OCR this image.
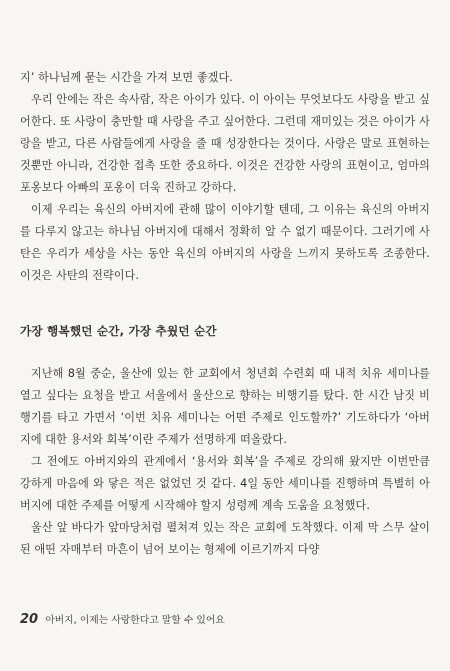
지’ 하나님께 묻는 시간을 가져 보면 좋겠다.

우리 안에는 작은 속사람, 작은 아이가 있다. 이 아이는 무엇보다도 사랑을 받고 싶어한다. 또 사랑이 충만할 때 사랑을 주고 싶어한다. 그런데 재미있는 것은 아이가 사랑을 받고, 다른 사람들에게 사랑을 줄 때 성장한다는 것이다. 사랑은 말로 표현하는 것뿐만 아니라, 건강한 접촉 또한 중요하다. 이것은 건강한 사랑의 표현이고, 엄마의 포옹보다 아빠의 포옹이 더욱 진하고 강하다.

이제 우리는 육신의 아버지에 관해 많이 이야기할 텐데, 그 이유는 육신의 아버지를 다루지 않고는 하나님 아버지에 대해서 정확히 알 수 없기 때문이다. 그러기에 사탄은 우리가 세상을 사는 동안 육신의 아버지의 사랑을 느끼지 못하도록 조종한다. 이것은 사탄의 전략이다.

가장 행복했던 순간, 가장 추웠던 순간

지난해 8월 중순, 울산에 있는 한 교회에서 청년회 수련회 때 내적 치유 세미나를 열고 싶다는 요청을 받고 서울에서 울산으로 향하는 비행기를 탔다. 한 시간 남짓 비행기를 타고 가면서 ‘이번 치유 세미나는 어떤 주제로 인도할까?’ 기도하다가 ‘아버지에 대한 용서와 회복’이란 주제가 선명하게 떠올랐다.

그 전에도 아버지와의 관계에서 ‘용서와 회복’을 주제로 강의해 왔지만 이번만큼 강하게 마음에 와 닿은 적은 없었던 것 같다. 4일 동안 세미나를 진행하며 특별히 아버지에 대한 주제를 어떻게 시작해야 할지 성령께 계속 도움을 요청했다.

울산 앞 바다가 앞마당처럼 펼쳐져 있는 작은 교회에 도착했다. 이제 막 스무 살이 된 애띤 자매부터 마흔이 넘어 보이는 형제에 이르기까지 다양

20 아버지, 이제는 사랑한다고 말할 수 있어요
